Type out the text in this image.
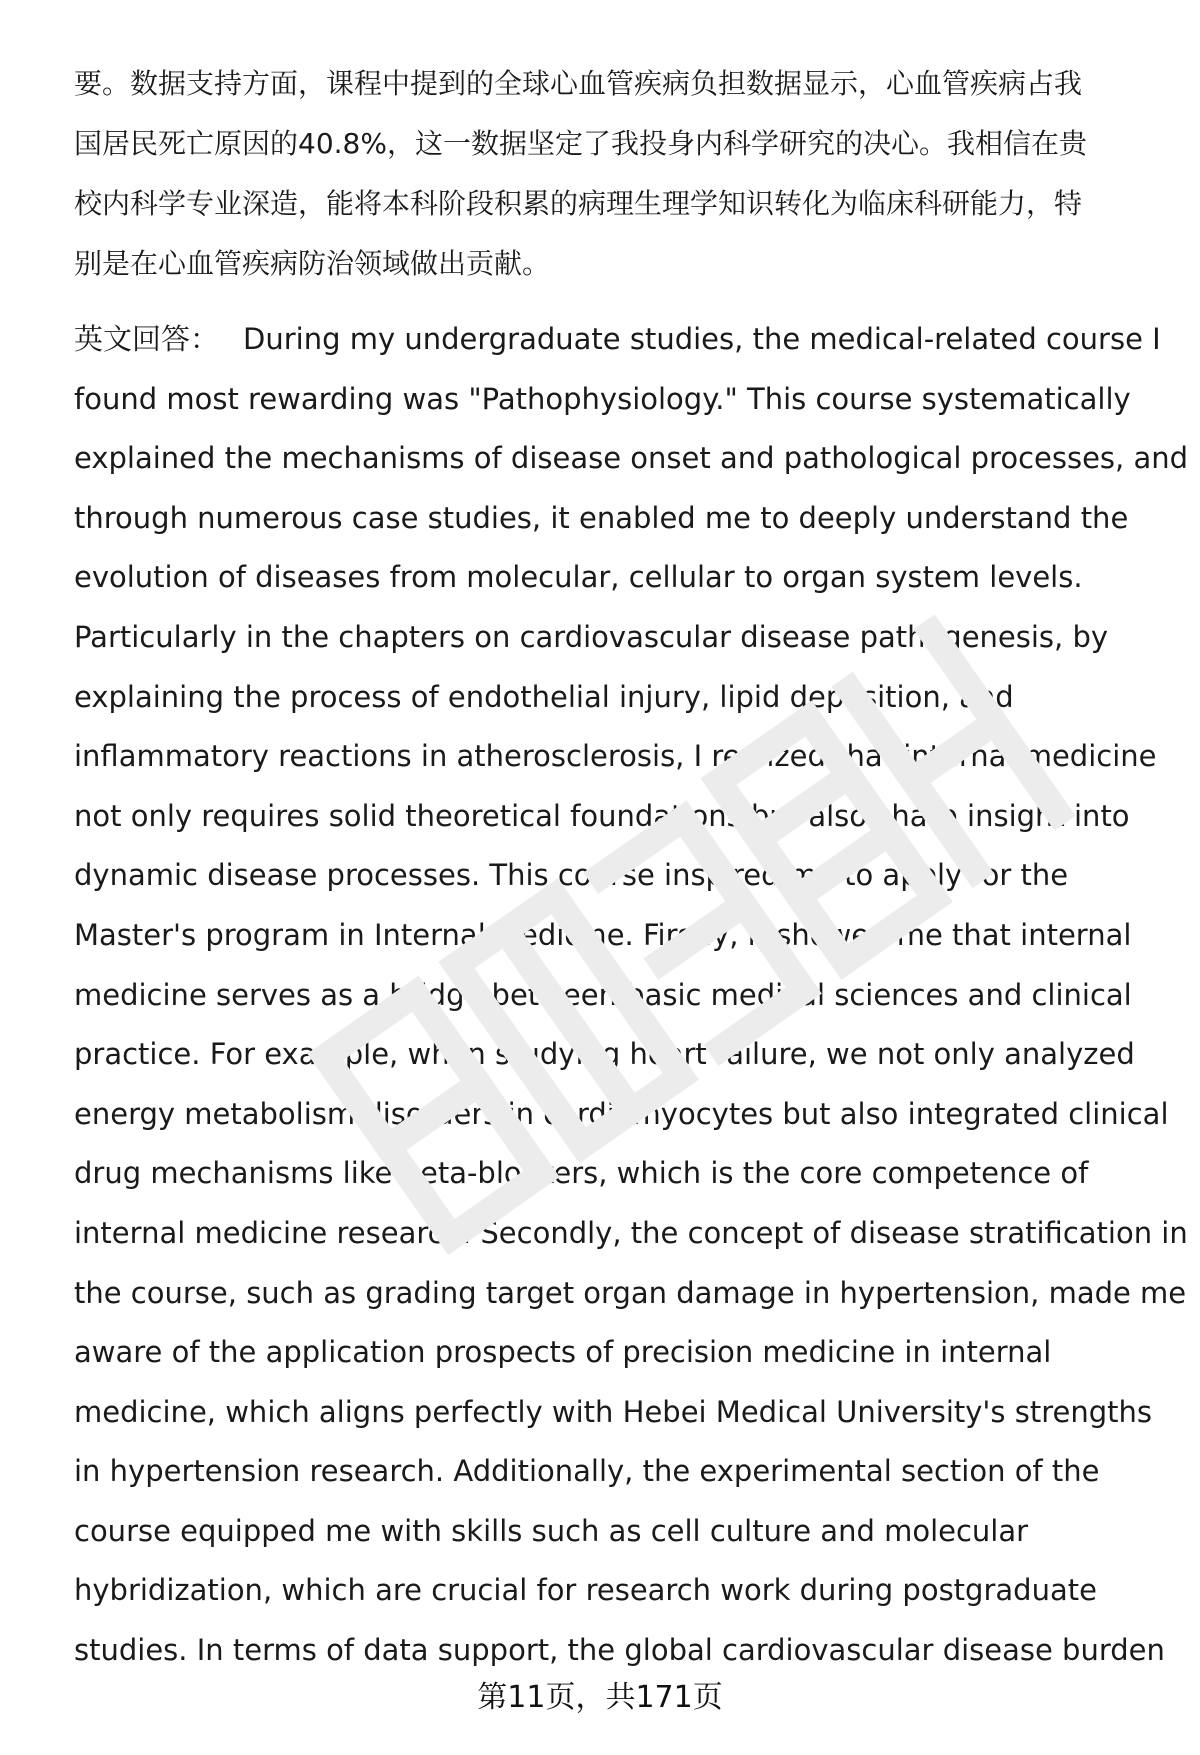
要。数据支持方面，课程中提到的全球心血管疾病负担数据显示，心血管疾病占我
国居民死亡原因的40.8%，这一数据坚定了我投身内科学研究的决心。我相信在贵
校内科学专业深造，能将本科阶段积累的病理生理学知识转化为临床科研能力，特
别是在心血管疾病防治领域做出贡献。
英文回答： During my undergraduate studies, the medical-related course I
found most rewarding was "Pathophysiology." This course systematically
explained the mechanisms of disease onset and pathological processes, and
through numerous case studies, it enabled me to deeply understand the
evolution of diseases from molecular, cellular to organ system levels.
Particularly in the chapters on cardiovascular disease pathogenesis, by
explaining the process of endothelial injury, lipid deposition, and
inflammatory reactions in atherosclerosis, I realized that internal medicine
not only requires solid theoretical foundations but also sharp insight into
dynamic disease processes. This course inspired me to apply for the
Master's program in Internal Medicine. Firstly, it showed me that internal
medicine serves as a bridge between basic medical sciences and clinical
practice. For example, when studying heart failure, we not only analyzed
energy metabolism disorders in cardiomyocytes but also integrated clinical
drug mechanisms like beta-blockers, which is the core competence of
internal medicine research. Secondly, the concept of disease stratification in
the course, such as grading target organ damage in hypertension, made me
aware of the application prospects of precision medicine in internal
medicine, which aligns perfectly with Hebei Medical University's strengths
in hypertension research. Additionally, the experimental section of the
course equipped me with skills such as cell culture and molecular
hybridization, which are crucial for research work during postgraduate
studies. In terms of data support, the global cardiovascular disease burden
第11页，共171页
